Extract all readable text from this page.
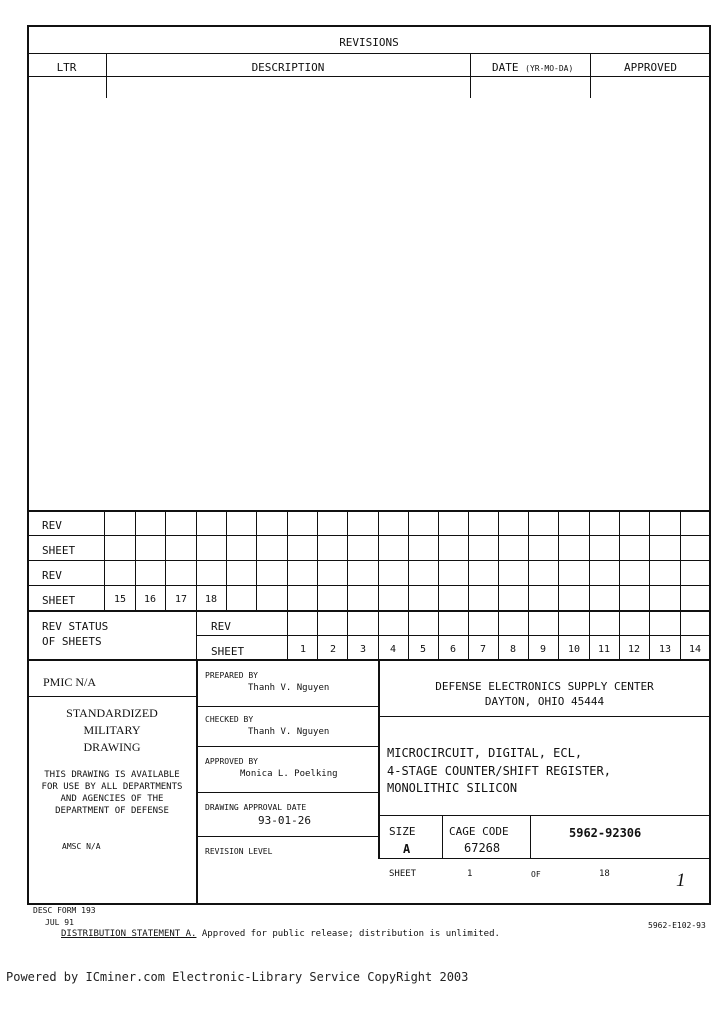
REVISIONS
LTR	DESCRIPTION	DATE (YR-MO-DA)	APPROVED
REV
SHEET
REV
SHEET	15	16	17	18
REV STATUS
OF SHEETS
REV
SHEET	1	2	3	4	5	6	7	8	9	10	11	12	13	14
PMIC N/A
STANDARDIZED
MILITARY
DRAWING
THIS DRAWING IS AVAILABLE
FOR USE BY ALL DEPARTMENTS
AND AGENCIES OF THE
DEPARTMENT OF DEFENSE
AMSC N/A
PREPARED BY
Thanh V. Nguyen
CHECKED BY
Thanh V. Nguyen
APPROVED BY
Monica L. Poelking
DRAWING APPROVAL DATE
93-01-26
REVISION LEVEL
DEFENSE ELECTRONICS SUPPLY CENTER
DAYTON, OHIO 45444
MICROCIRCUIT, DIGITAL, ECL,
4-STAGE COUNTER/SHIFT REGISTER,
MONOLITHIC SILICON
SIZE
A
CAGE CODE
67268
5962-92306
SHEET	1	OF	18	1
DESC FORM 193
JUL 91
DISTRIBUTION STATEMENT A. Approved for public release; distribution is unlimited.
5962-E102-93
Powered by ICminer.com Electronic-Library Service CopyRight 2003
